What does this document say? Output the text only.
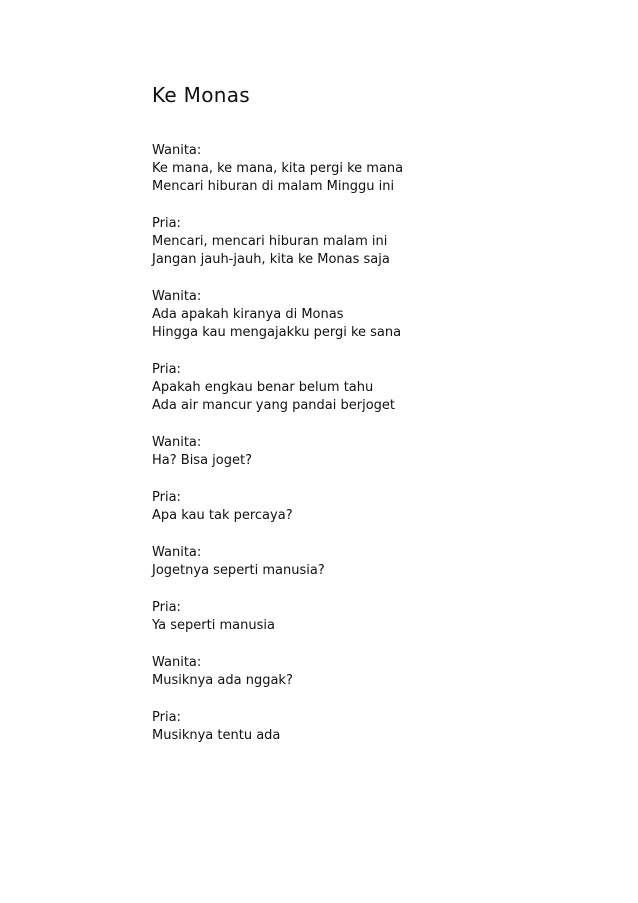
Ke Monas
Wanita:
Ke mana, ke mana, kita pergi ke mana
Mencari hiburan di malam Minggu ini
Pria:
Mencari, mencari hiburan malam ini
Jangan jauh-jauh, kita ke Monas saja
Wanita:
Ada apakah kiranya di Monas
Hingga kau mengajakku pergi ke sana
Pria:
Apakah engkau benar belum tahu
Ada air mancur yang pandai berjoget
Wanita:
Ha? Bisa joget?
Pria:
Apa kau tak percaya?
Wanita:
Jogetnya seperti manusia?
Pria:
Ya seperti manusia
Wanita:
Musiknya ada nggak?
Pria:
Musiknya tentu ada
